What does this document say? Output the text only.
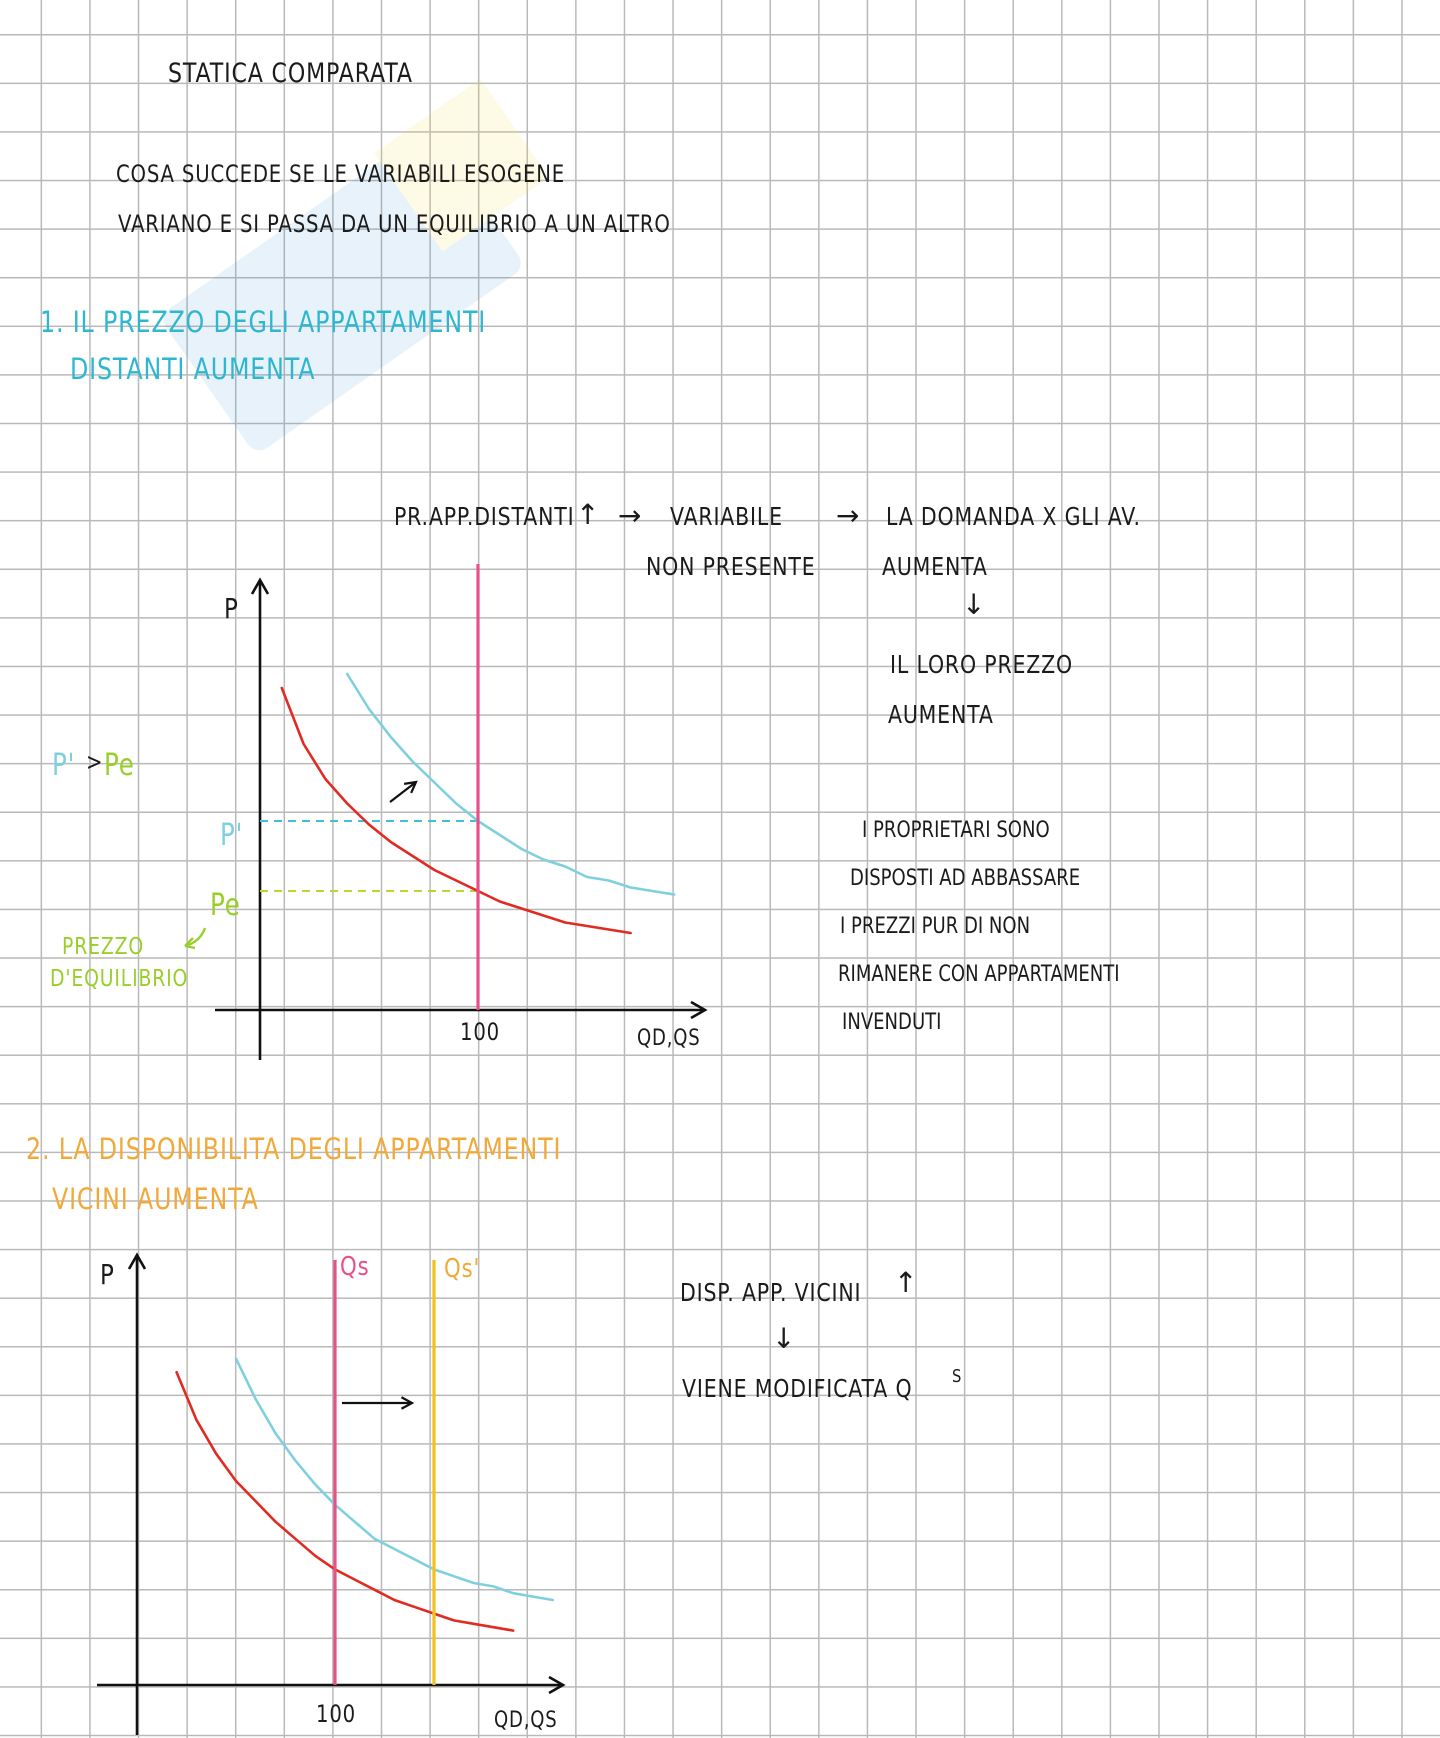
STATICA COMPARATA
COSA SUCCEDE SE LE VARIABILI ESOGENE
VARIANO E SI PASSA DA UN EQUILIBRIO A UN ALTRO
1. IL PREZZO DEGLI APPARTAMENTI
DISTANTI AUMENTA
PR.APP.DISTANTI ↑ → VARIABILE
NON PRESENTE
→ LA DOMANDA X GLI AV.
AUMENTA
↓
IL LORO PREZZO
AUMENTA
I PROPRIETARI SONO
DISPOSTI AD ABBASSARE
I PREZZI PUR DI NON
RIMANERE CON APPARTAMENTI
INVENDUTI
P' > Pe
PREZZO
D'EQUILIBRIO
P
QD,QS
100
P'
Pe
2. LA DISPONIBILITA DEGLI APPARTAMENTI
VICINI AUMENTA
DISP. APP. VICINI ↑
↓
VIENE MODIFICATA Q S
P
QD,QS
100
Qs	Qs'
